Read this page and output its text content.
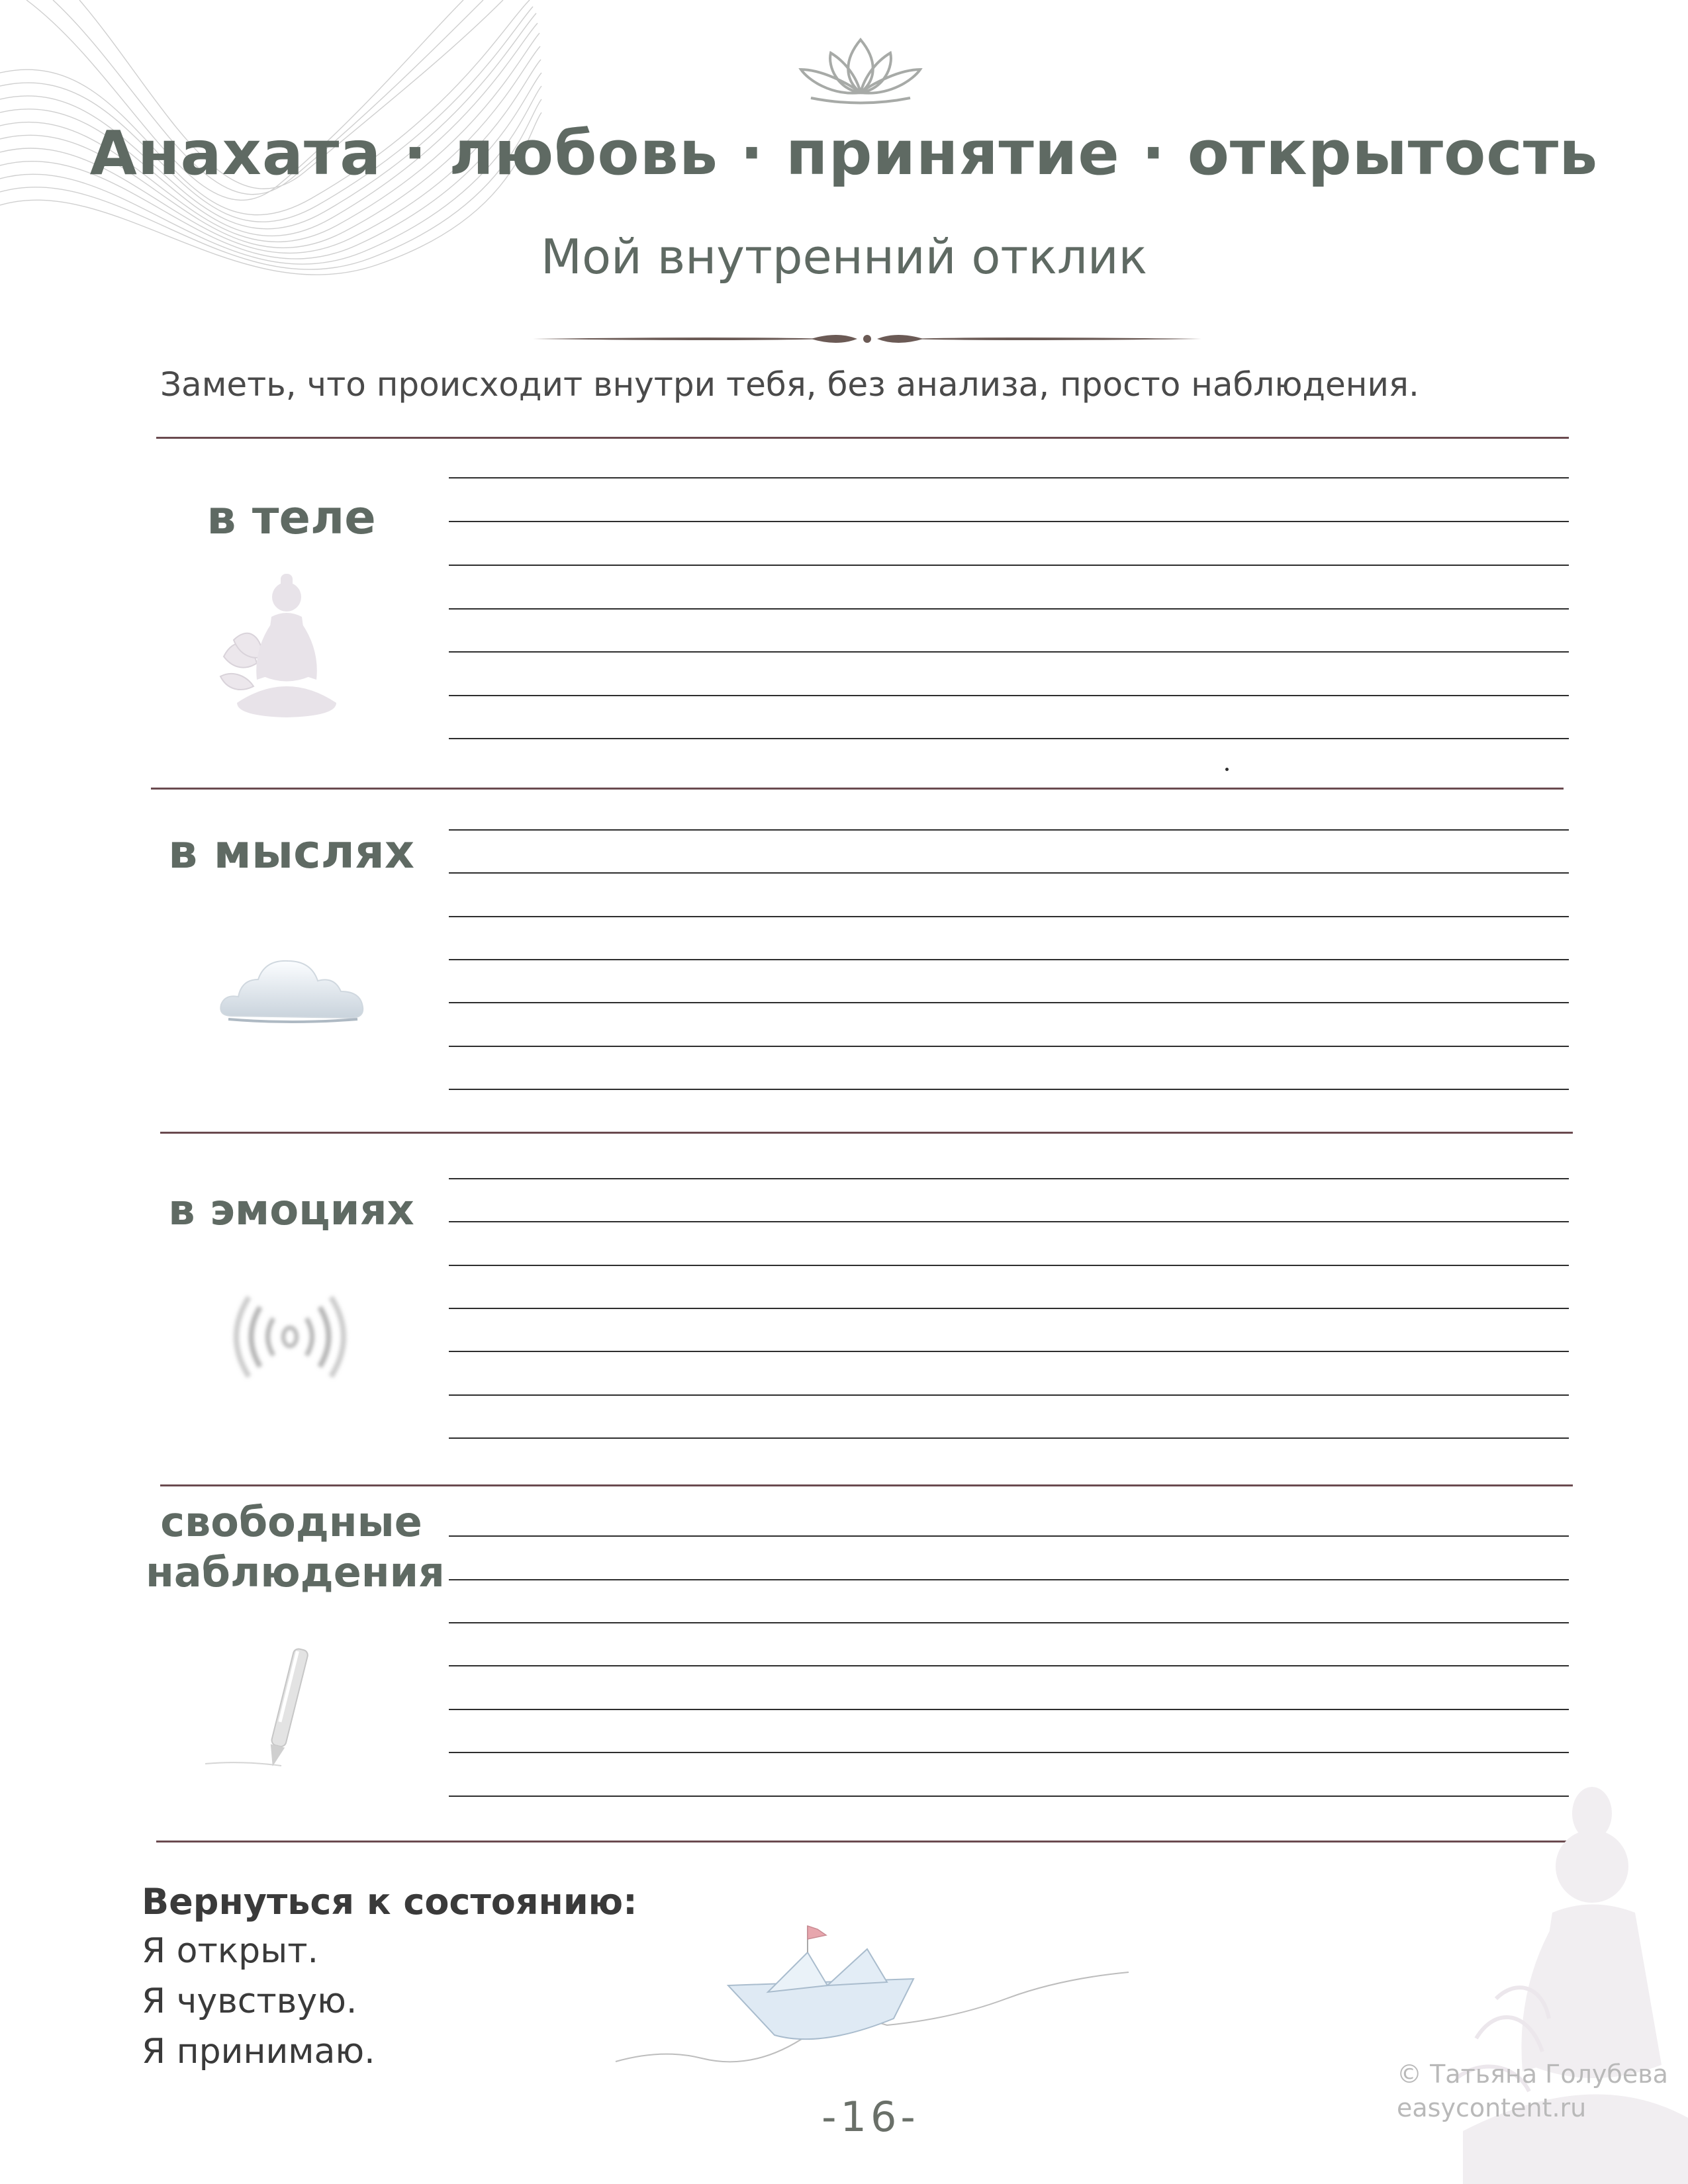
Анахата · любовь · принятие · открытость
Мой внутренний отклик
Заметь, что происходит внутри тебя, без анализа, просто наблюдения.
в теле
в мыслях
в эмоциях
свободные
наблюдения
Вернуться к состоянию:
Я открыт.
Я чувствую.
Я принимаю.
© Татьяна Голубева
easycontent.ru
-16-
